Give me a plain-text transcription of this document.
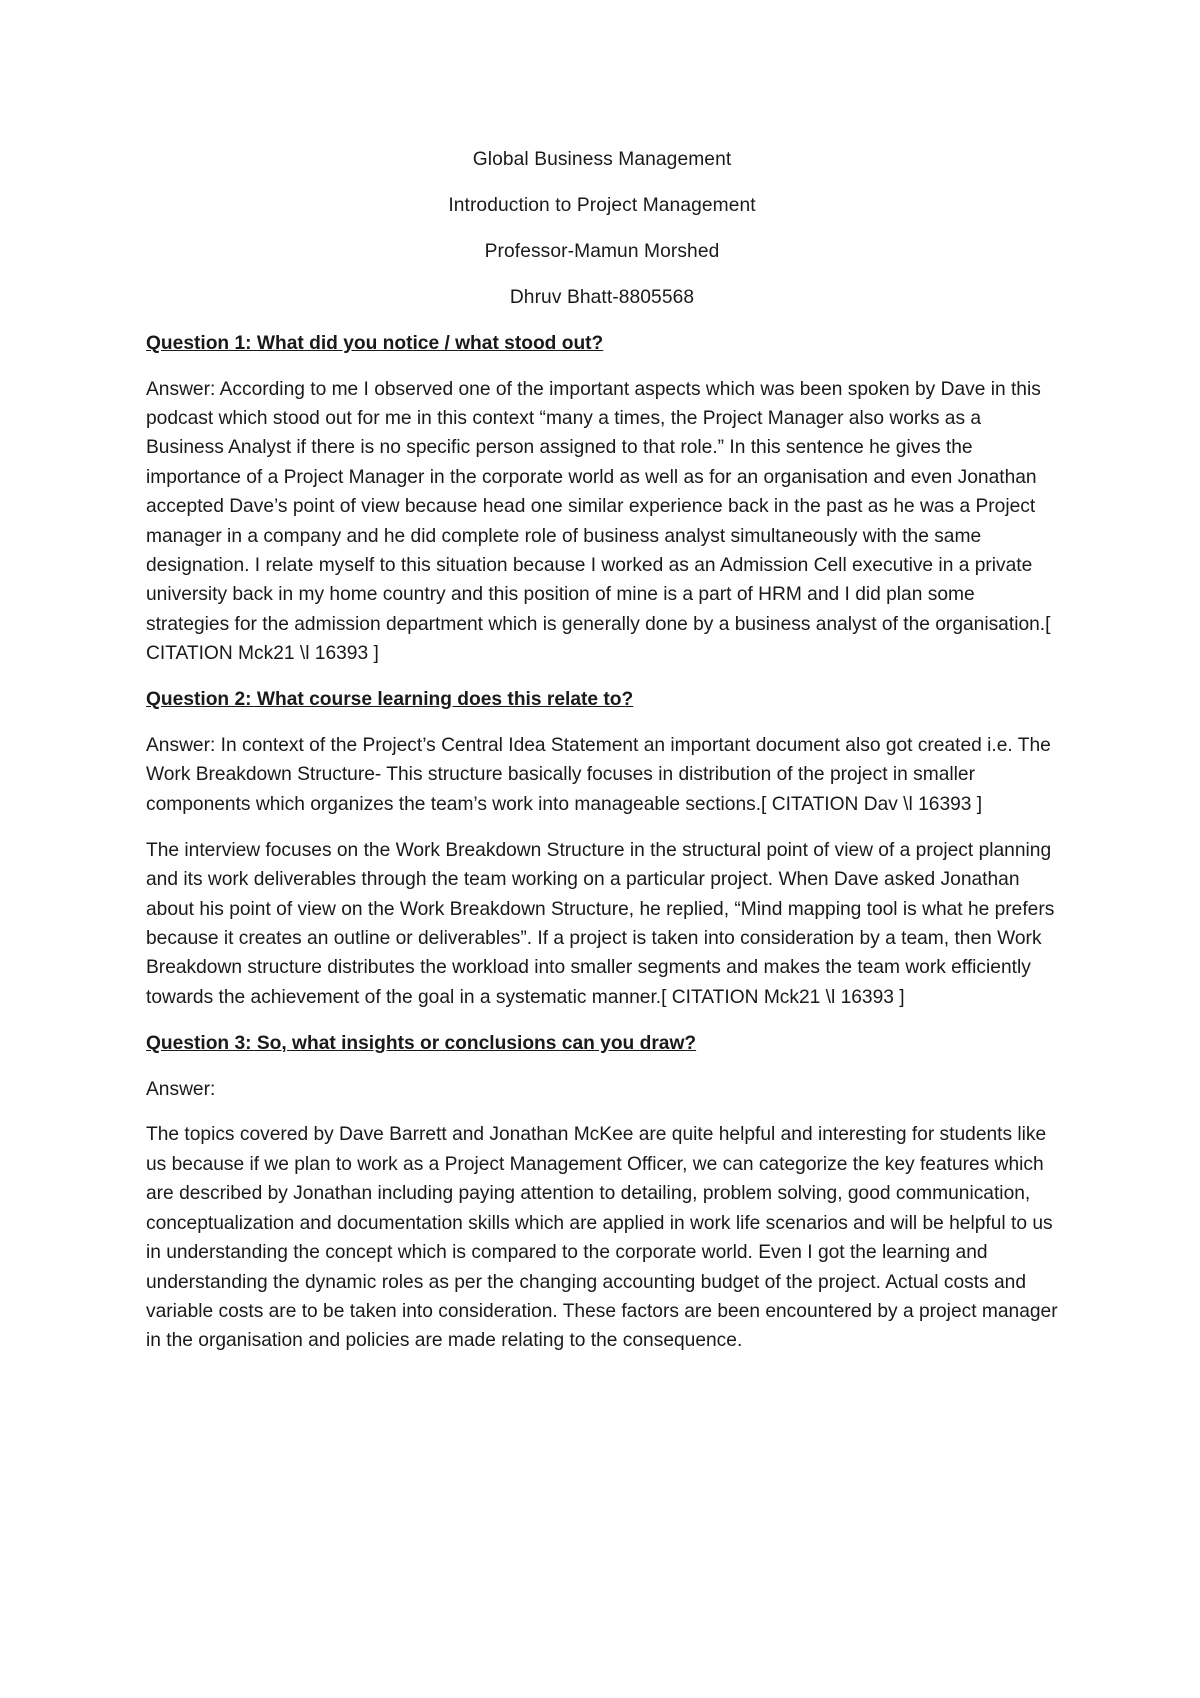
Global Business Management
Introduction to Project Management
Professor-Mamun Morshed
Dhruv Bhatt-8805568
Question 1: What did you notice / what stood out?
Answer: According to me I observed one of the important aspects which was been spoken by Dave in this podcast which stood out for me in this context “many a times, the Project Manager also works as a Business Analyst if there is no specific person assigned to that role.” In this sentence he gives the importance of a Project Manager in the corporate world as well as for an organisation and even Jonathan accepted Dave’s point of view because head one similar experience back in the past as he was a Project manager in a company and he did complete role of business analyst simultaneously with the same designation. I relate myself to this situation because I worked as an Admission Cell executive in a private university back in my home country and this position of mine is a part of HRM and I did plan some strategies for the admission department which is generally done by a business analyst of the organisation.[ CITATION Mck21 \l 16393 ]
Question 2: What course learning does this relate to?
Answer: In context of the Project’s Central Idea Statement an important document also got created i.e. The Work Breakdown Structure- This structure basically focuses in distribution of the project in smaller components which organizes the team’s work into manageable sections.[ CITATION Dav \l 16393 ]
The interview focuses on the Work Breakdown Structure in the structural point of view of a project planning and its work deliverables through the team working on a particular project. When Dave asked Jonathan about his point of view on the Work Breakdown Structure, he replied, “Mind mapping tool is what he prefers because it creates an outline or deliverables”. If a project is taken into consideration by a team, then Work Breakdown structure distributes the workload into smaller segments and makes the team work efficiently towards the achievement of the goal in a systematic manner.[ CITATION Mck21 \l 16393 ]
Question 3: So, what insights or conclusions can you draw?
Answer:
The topics covered by Dave Barrett and Jonathan McKee are quite helpful and interesting for students like us because if we plan to work as a Project Management Officer, we can categorize the key features which are described by Jonathan including paying attention to detailing, problem solving, good communication, conceptualization and documentation skills which are applied in work life scenarios and will be helpful to us in understanding the concept which is compared to the corporate world. Even I got the learning and understanding the dynamic roles as per the changing accounting budget of the project. Actual costs and variable costs are to be taken into consideration. These factors are been encountered by a project manager in the organisation and policies are made relating to the consequence.
